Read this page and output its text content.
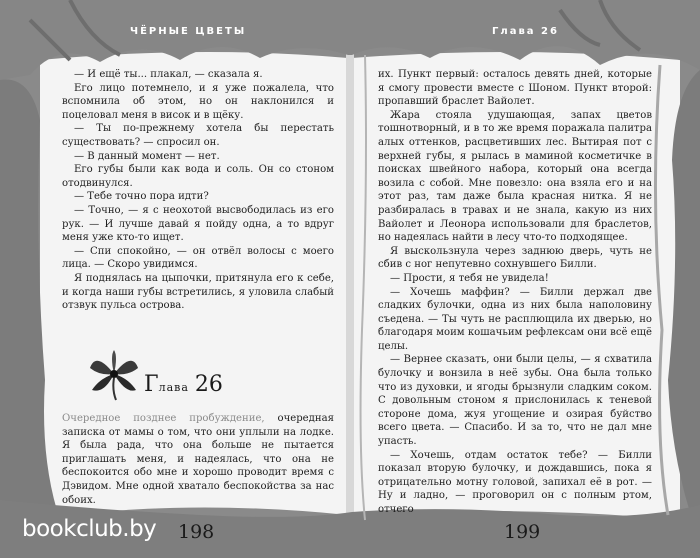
ЧЁРНЫЕ ЦВЕТЫ

— И ещё ты... плакал, — сказала я.

Его лицо потемнело, и я уже пожалела, что вспомнила об этом, но он наклонился и поцеловал меня в висок и в щёку.

— Ты по-прежнему хотела бы перестать существовать? — спросил он.

— В данный момент — нет.

Его губы были как вода и соль. Он со стоном отодвинулся.

— Тебе точно пора идти?

— Точно, — я с неохотой высвободилась из его рук. — И лучше давай я пойду одна, а то вдруг меня уже кто-то ищет.

— Спи спокойно, — он отвёл волосы с моего лица. — Скоро увидимся.

Я поднялась на цыпочки, притянула его к себе, и когда наши губы встретились, я уловила слабый отзвук пульса острова.

Глава 26

Очередное позднее пробуждение, очередная записка от мамы о том, что они уплыли на лодке. Я была рада, что она больше не пытается приглашать меня, и надеялась, что она не беспокоится обо мне и хорошо проводит время с Дэвидом. Мне одной хватало беспокойства за нас обоих.

198
Глава 26

их. Пункт первый: осталось девять дней, которые я смогу провести вместе с Шоном. Пункт второй: пропавший браслет Вайолет.

Жара стояла удушающая, запах цветов тошнотворный, и в то же время поражала палитра алых оттенков, расцветивших лес. Вытирая пот с верхней губы, я рылась в маминой косметичке в поисках швейного набора, который она всегда возила с собой. Мне повезло: она взяла его и на этот раз, там даже была красная нитка. Я не разбиралась в травах и не знала, какую из них Вайолет и Леонора использовали для браслетов, но надеялась найти в лесу что-то подходящее.

Я выскользнула через заднюю дверь, чуть не сбив с ног непутевно сохнувшего Билли.

— Прости, я тебя не увидела!

— Хочешь маффин? — Билли держал две сладких булочки, одна из них была наполовину съедена. — Ты чуть не расплющила их дверью, но благодаря моим кошачьим рефлексам они всё ещё целы.

— Вернее сказать, они были целы, — я схватила булочку и вонзила в неё зубы. Она была только что из духовки, и ягоды брызнули сладким соком. С довольным стоном я прислонилась к теневой стороне дома, жуя угощение и озирая буйство всего цвета. — Спасибо. И за то, что не дал мне упасть.

— Хочешь, отдам остаток тебе? — Билли показал вторую булочку, и дождавшись, пока я отрицательно мотну головой, запихал её в рот. — Ну и ладно, — проговорил он с полным ртом, отчего

199
bookclub.by
